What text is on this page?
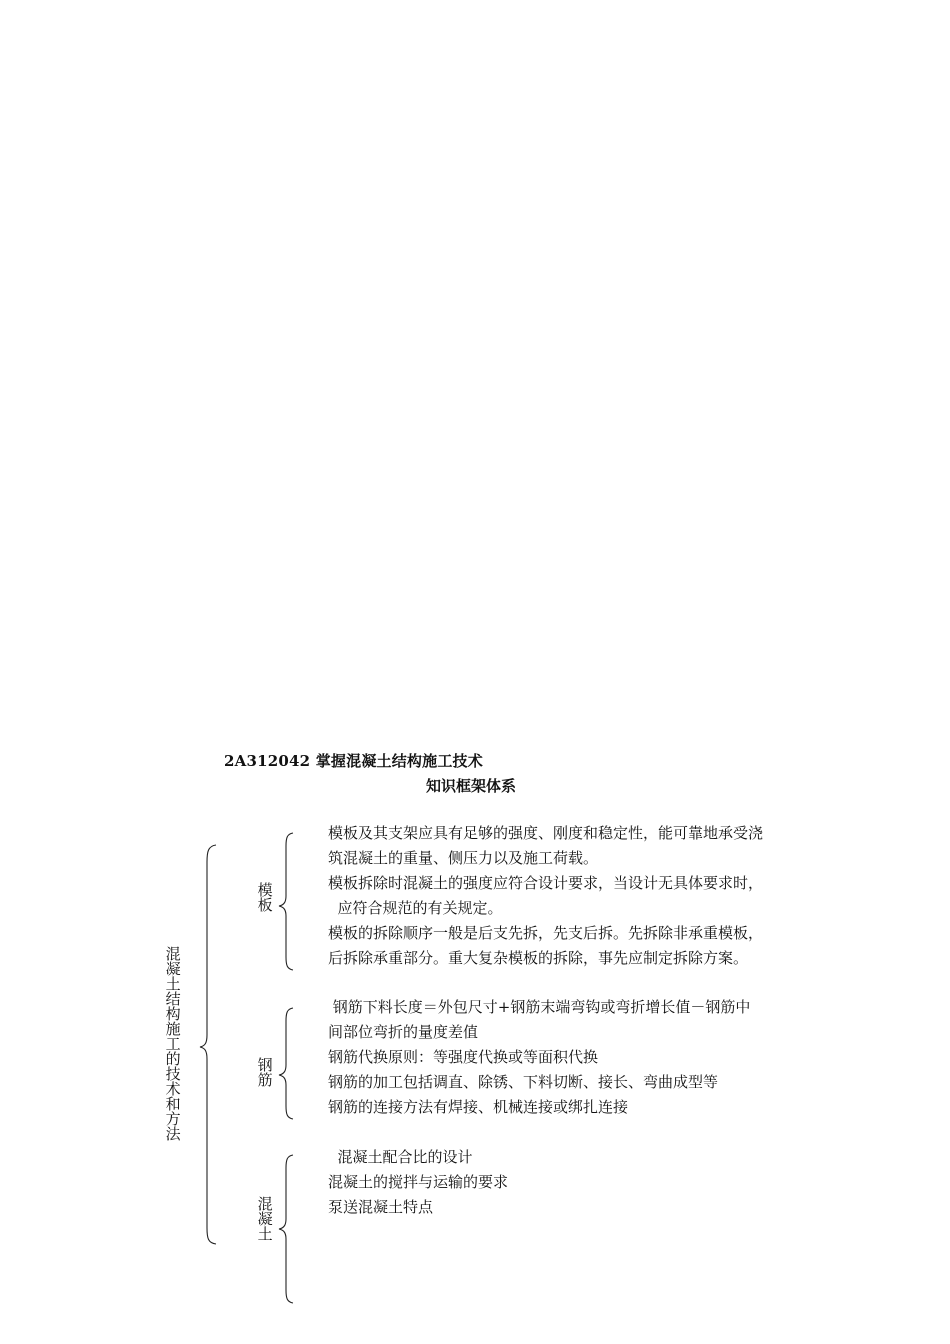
2A312042 掌握混凝土结构施工技术
知识框架体系
混凝土结构施工的技术和方法
模板

模板及其支架应具有足够的强度、刚度和稳定性，能可靠地承受浇

筑混凝土的重量、侧压力以及施工荷载。

模板拆除时混凝土的强度应符合设计要求，当设计无具体要求时，

应符合规范的有关规定。

模板的拆除顺序一般是后支先拆，先支后拆。先拆除非承重模板，

后拆除承重部分。重大复杂模板的拆除，事先应制定拆除方案。

钢筋

钢筋下料长度＝外包尺寸+钢筋末端弯钩或弯折增长值－钢筋中

间部位弯折的量度差值

钢筋代换原则：等强度代换或等面积代换

钢筋的加工包括调直、除锈、下料切断、接长、弯曲成型等

钢筋的连接方法有焊接、机械连接或绑扎连接

混凝土

混凝土配合比的设计

混凝土的搅拌与运输的要求

泵送混凝土特点
